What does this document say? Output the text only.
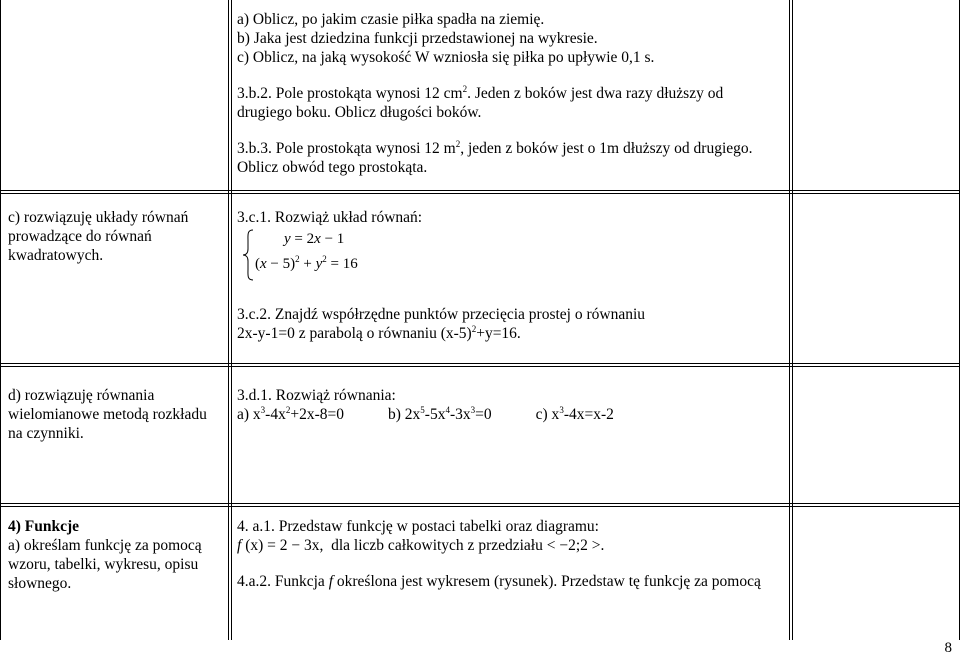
a) Oblicz, po jakim czasie piłka spadła na ziemię.

b) Jaka jest dziedzina funkcji przedstawionej na wykresie.

c) Oblicz, na jaką wysokość W wzniosła się piłka po upływie 0,1 s.

3.b.2. Pole prostokąta wynosi 12 $cm^2$. Jeden z boków jest dwa razy dłuższy od

drugiego boku. Oblicz długości boków.

3.b.3. Pole prostokąta wynosi 12 $m^2$, jeden z boków jest o 1m dłuższy od drugiego.

Oblicz obwód tego prostokąta.

c) rozwiązuję układy równań

prowadzące do równań

kwadratowych.

3.c.1. Rozwiąż układ równań:

y = 2x − 1
$(x - 5)^2 + y^2 = 16$

3.c.2. Znajdź współrzędne punktów przecięcia prostej o równaniu

2x-y-1=0 z parabolą o równaniu $(x-5)^2+y=16$.

d) rozwiązuję równania

wielomianowe metodą rozkładu

na czynniki.

3.d.1. Rozwiąż równania:

a) $x^3-4x^2+2x-8=0$	b) $2x^5-5x^4-3x^3=0$	c) $x^3-4x=x-2$

4) Funkcje

a) określam funkcję za pomocą

wzoru, tabelki, wykresu, opisu

słownego.

4. a.1. Przedstaw funkcję w postaci tabelki oraz diagramu:

f (x) = 2 − 3x, dla liczb całkowitych z przedziału < −2;2 >.

4.a.2. Funkcja f określona jest wykresem (rysunek). Przedstaw tę funkcję za pomocą

8
